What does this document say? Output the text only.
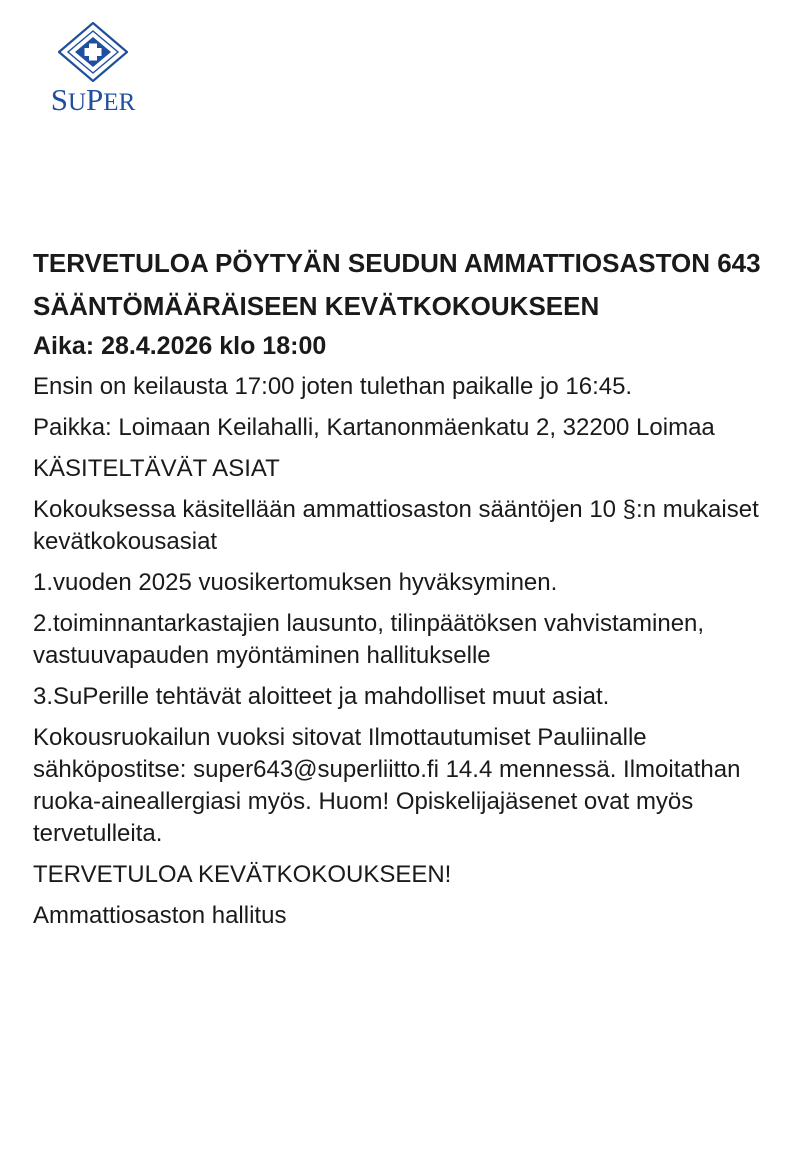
SUPER

TERVETULOA PÖYTYÄN SEUDUN AMMATTIOSASTON 643

SÄÄNTÖMÄÄRÄISEEN KEVÄTKOKOUKSEEN

Aika: 28.4.2026 klo 18:00

Ensin on keilausta 17:00 joten tulethan paikalle jo 16:45.

Paikka: Loimaan Keilahalli, Kartanonmäenkatu 2, 32200 Loimaa

KÄSITELTÄVÄT ASIAT

Kokouksessa käsitellään ammattiosaston sääntöjen 10 §:n mukaiset kevätkokousasiat

1.vuoden 2025 vuosikertomuksen hyväksyminen.

2.toiminnantarkastajien lausunto, tilinpäätöksen vahvistaminen, vastuuvapauden myöntäminen hallitukselle

3.SuPerille tehtävät aloitteet ja mahdolliset muut asiat.

Kokousruokailun vuoksi sitovat Ilmottautumiset Pauliinalle sähköpostitse: super643@superliitto.fi 14.4 mennessä. Ilmoitathan ruoka-aineallergiasi myös. Huom! Opiskelijajäsenet ovat myös tervetulleita.

TERVETULOA KEVÄTKOKOUKSEEN!

Ammattiosaston hallitus
